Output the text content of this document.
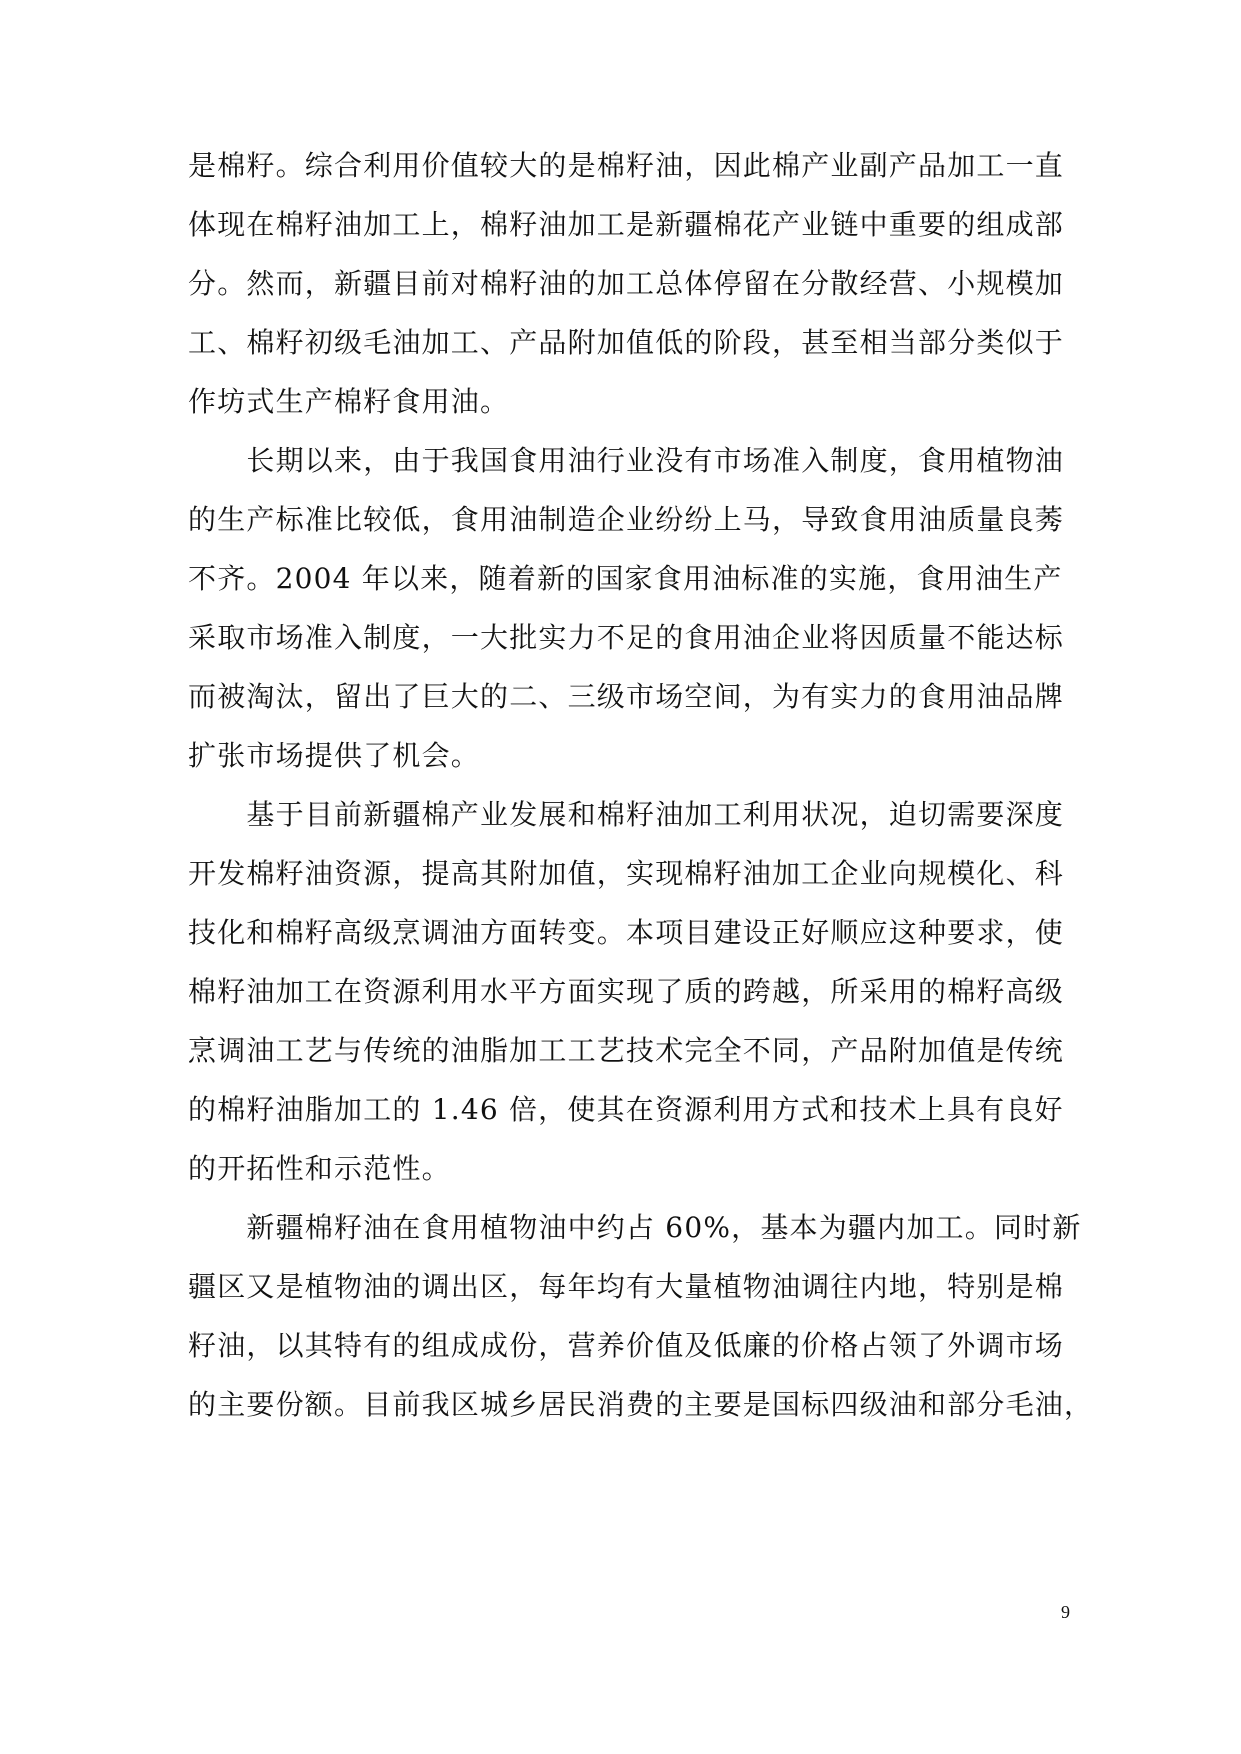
是棉籽。综合利用价值较大的是棉籽油，因此棉产业副产品加工一直
体现在棉籽油加工上，棉籽油加工是新疆棉花产业链中重要的组成部
分。然而，新疆目前对棉籽油的加工总体停留在分散经营、小规模加
工、棉籽初级毛油加工、产品附加值低的阶段，甚至相当部分类似于
作坊式生产棉籽食用油。
　　长期以来，由于我国食用油行业没有市场准入制度，食用植物油
的生产标准比较低，食用油制造企业纷纷上马，导致食用油质量良莠
不齐。2004 年以来，随着新的国家食用油标准的实施，食用油生产
采取市场准入制度，一大批实力不足的食用油企业将因质量不能达标
而被淘汰，留出了巨大的二、三级市场空间，为有实力的食用油品牌
扩张市场提供了机会。
　　基于目前新疆棉产业发展和棉籽油加工利用状况，迫切需要深度
开发棉籽油资源，提高其附加值，实现棉籽油加工企业向规模化、科
技化和棉籽高级烹调油方面转变。本项目建设正好顺应这种要求，使
棉籽油加工在资源利用水平方面实现了质的跨越，所采用的棉籽高级
烹调油工艺与传统的油脂加工工艺技术完全不同，产品附加值是传统
的棉籽油脂加工的 1.46 倍，使其在资源利用方式和技术上具有良好
的开拓性和示范性。
　　新疆棉籽油在食用植物油中约占 60%，基本为疆内加工。同时新
疆区又是植物油的调出区，每年均有大量植物油调往内地，特别是棉
籽油，以其特有的组成成份，营养价值及低廉的价格占领了外调市场
的主要份额。目前我区城乡居民消费的主要是国标四级油和部分毛油，
9
